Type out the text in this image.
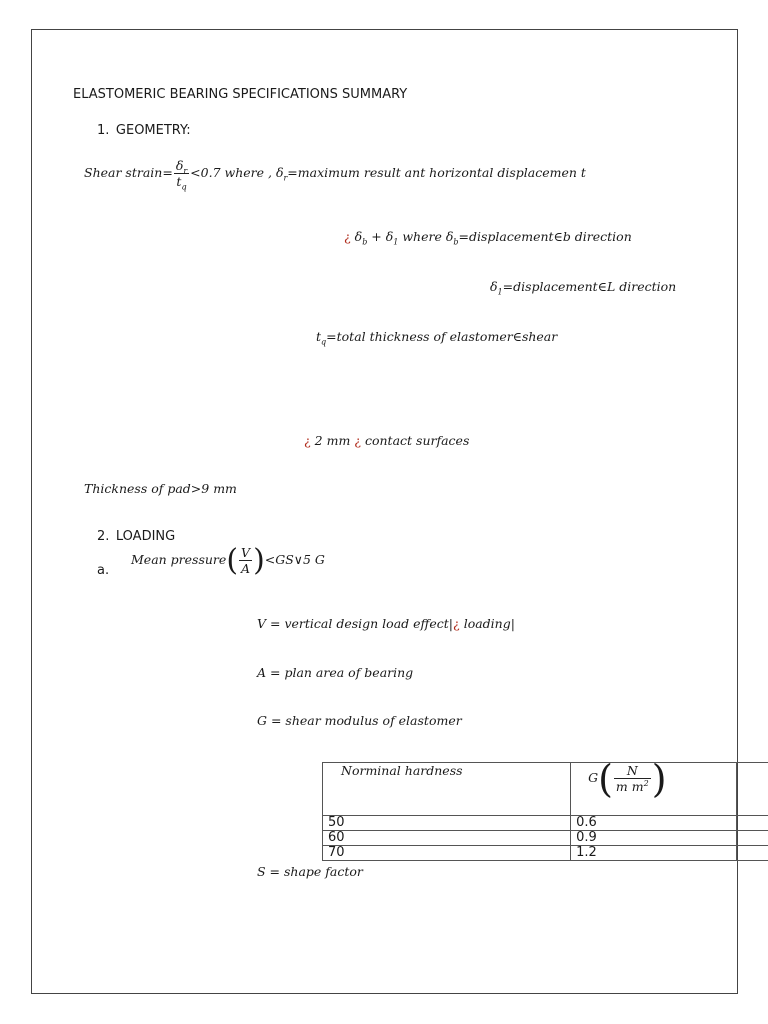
ELASTOMERIC BEARING SPECIFICATIONS SUMMARY
1. GEOMETRY:
Shear strain= $\frac{\delta_r}{t_q} <0.7$ where , $\delta_r=maximum$ result ant horizontal displacemen t
¿ $\delta_b + \delta_1$ where $\delta_b=displacement\in b$ direction
$\delta_1=displacement\in L$ direction
$t_q=total$ thickness of elastomer∈shear
¿ 2 mm ¿ contact surfaces
Thickness of pad>9 mm
2. LOADING
a.
Mean pressure( $\frac{V}{A}$ )<GS∨5 G
V = vertical design load effect|¿ loading|
A = plan area of bearing
G = shear modulus of elastomer
Norminal hardness	$G( \frac{N}{m m^2}$ )	

50	0.6	
60	0.9	
70	1.2	
S = shape factor
